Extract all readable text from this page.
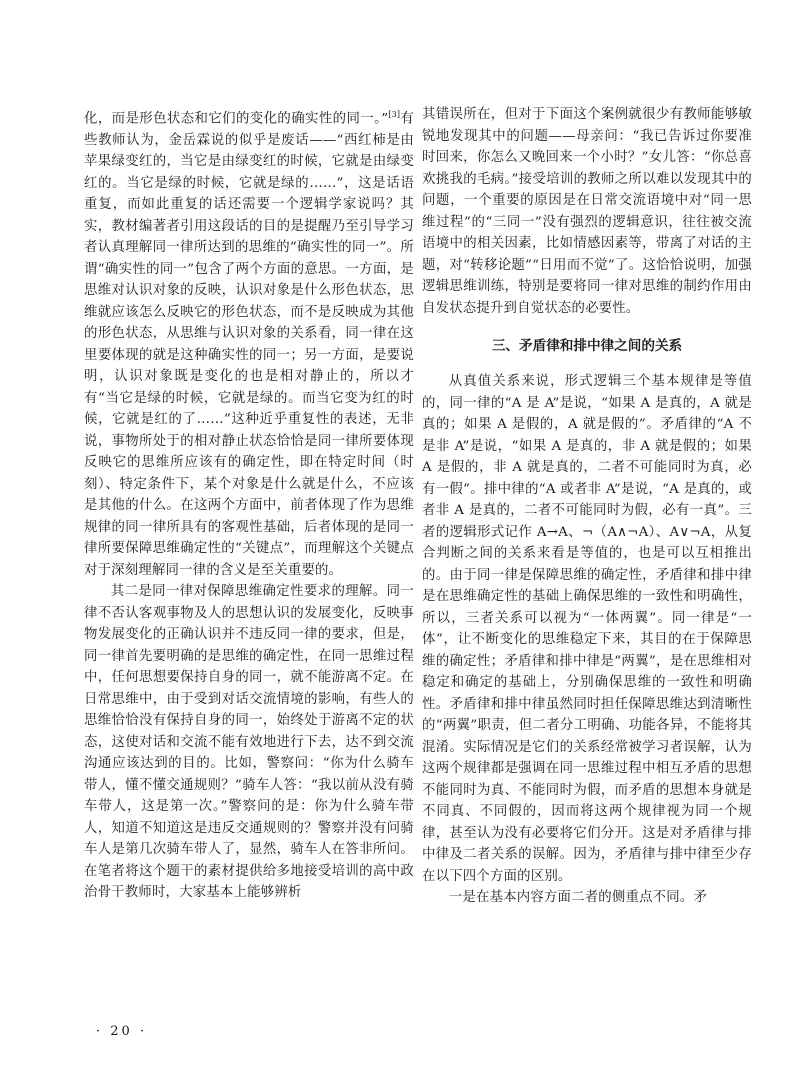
化，而是形色状态和它们的变化的确实性的同一。”[3]有些教师认为，金岳霖说的似乎是废话——“西红柿是由苹果绿变红的，当它是由绿变红的时候，它就是由绿变红的。当它是绿的时候，它就是绿的……”，这是话语重复，而如此重复的话还需要一个逻辑学家说吗？其实，教材编著者引用这段话的目的是提醒乃至引导学习者认真理解同一律所达到的思维的“确实性的同一”。所谓“确实性的同一”包含了两个方面的意思。一方面，是思维对认识对象的反映，认识对象是什么形色状态，思维就应该怎么反映它的形色状态，而不是反映成为其他的形色状态，从思维与认识对象的关系看，同一律在这里要体现的就是这种确实性的同一；另一方面，是要说明，认识对象既是变化的也是相对静止的，所以才有“当它是绿的时候，它就是绿的。而当它变为红的时候，它就是红的了……”这种近乎重复性的表述，无非说，事物所处于的相对静止状态恰恰是同一律所要体现反映它的思维所应该有的确定性，即在特定时间（时刻）、特定条件下，某个对象是什么就是什么，不应该是其他的什么。在这两个方面中，前者体现了作为思维规律的同一律所具有的客观性基础，后者体现的是同一律所要保障思维确定性的“关键点”，而理解这个关键点对于深刻理解同一律的含义是至关重要的。

其二是同一律对保障思维确定性要求的理解。同一律不否认客观事物及人的思想认识的发展变化，反映事物发展变化的正确认识并不违反同一律的要求，但是，同一律首先要明确的是思维的确定性，在同一思维过程中，任何思想要保持自身的同一，就不能游离不定。在日常思维中，由于受到对话交流情境的影响，有些人的思维恰恰没有保持自身的同一，始终处于游离不定的状态，这使对话和交流不能有效地进行下去，达不到交流沟通应该达到的目的。比如，警察问：“你为什么骑车带人，懂不懂交通规则？”骑车人答：“我以前从没有骑车带人，这是第一次。”警察问的是：你为什么骑车带人，知道不知道这是违反交通规则的？警察并没有问骑车人是第几次骑车带人了，显然，骑车人在答非所问。在笔者将这个题干的素材提供给多地接受培训的高中政治骨干教师时，大家基本上能够辨析

其错误所在，但对于下面这个案例就很少有教师能够敏锐地发现其中的问题——母亲问：“我已告诉过你要准时回来，你怎么又晚回来一个小时？”女儿答：“你总喜欢挑我的毛病。”接受培训的教师之所以难以发现其中的问题，一个重要的原因是在日常交流语境中对“同一思维过程”的“三同一”没有强烈的逻辑意识，往往被交流语境中的相关因素，比如情感因素等，带离了对话的主题，对“转移论题”“日用而不觉”了。这恰恰说明，加强逻辑思维训练，特别是要将同一律对思维的制约作用由自发状态提升到自觉状态的必要性。

三、矛盾律和排中律之间的关系

从真值关系来说，形式逻辑三个基本规律是等值的，同一律的“A 是 A”是说，“如果 A 是真的，A 就是真的；如果 A 是假的，A 就是假的”。矛盾律的“A 不是非 A”是说，“如果 A 是真的，非 A 就是假的；如果 A 是假的，非 A 就是真的，二者不可能同时为真，必有一假”。排中律的“A 或者非 A”是说，“A 是真的，或者非 A 是真的，二者不可能同时为假，必有一真”。三者的逻辑形式记作 A→A、¬（A∧¬A）、A∨¬A，从复合判断之间的关系来看是等值的，也是可以互相推出的。由于同一律是保障思维的确定性，矛盾律和排中律是在思维确定性的基础上确保思维的一致性和明确性，所以，三者关系可以视为“一体两翼”。同一律是“一体”，让不断变化的思维稳定下来，其目的在于保障思维的确定性；矛盾律和排中律是“两翼”，是在思维相对稳定和确定的基础上，分别确保思维的一致性和明确性。矛盾律和排中律虽然同时担任保障思维达到清晰性的“两翼”职责，但二者分工明确、功能各异，不能将其混淆。实际情况是它们的关系经常被学习者误解，认为这两个规律都是强调在同一思维过程中相互矛盾的思想不能同时为真、不能同时为假，而矛盾的思想本身就是不同真、不同假的，因而将这两个规律视为同一个规律，甚至认为没有必要将它们分开。这是对矛盾律与排中律及二者关系的误解。因为，矛盾律与排中律至少存在以下四个方面的区别。

一是在基本内容方面二者的侧重点不同。矛

· 20 ·
